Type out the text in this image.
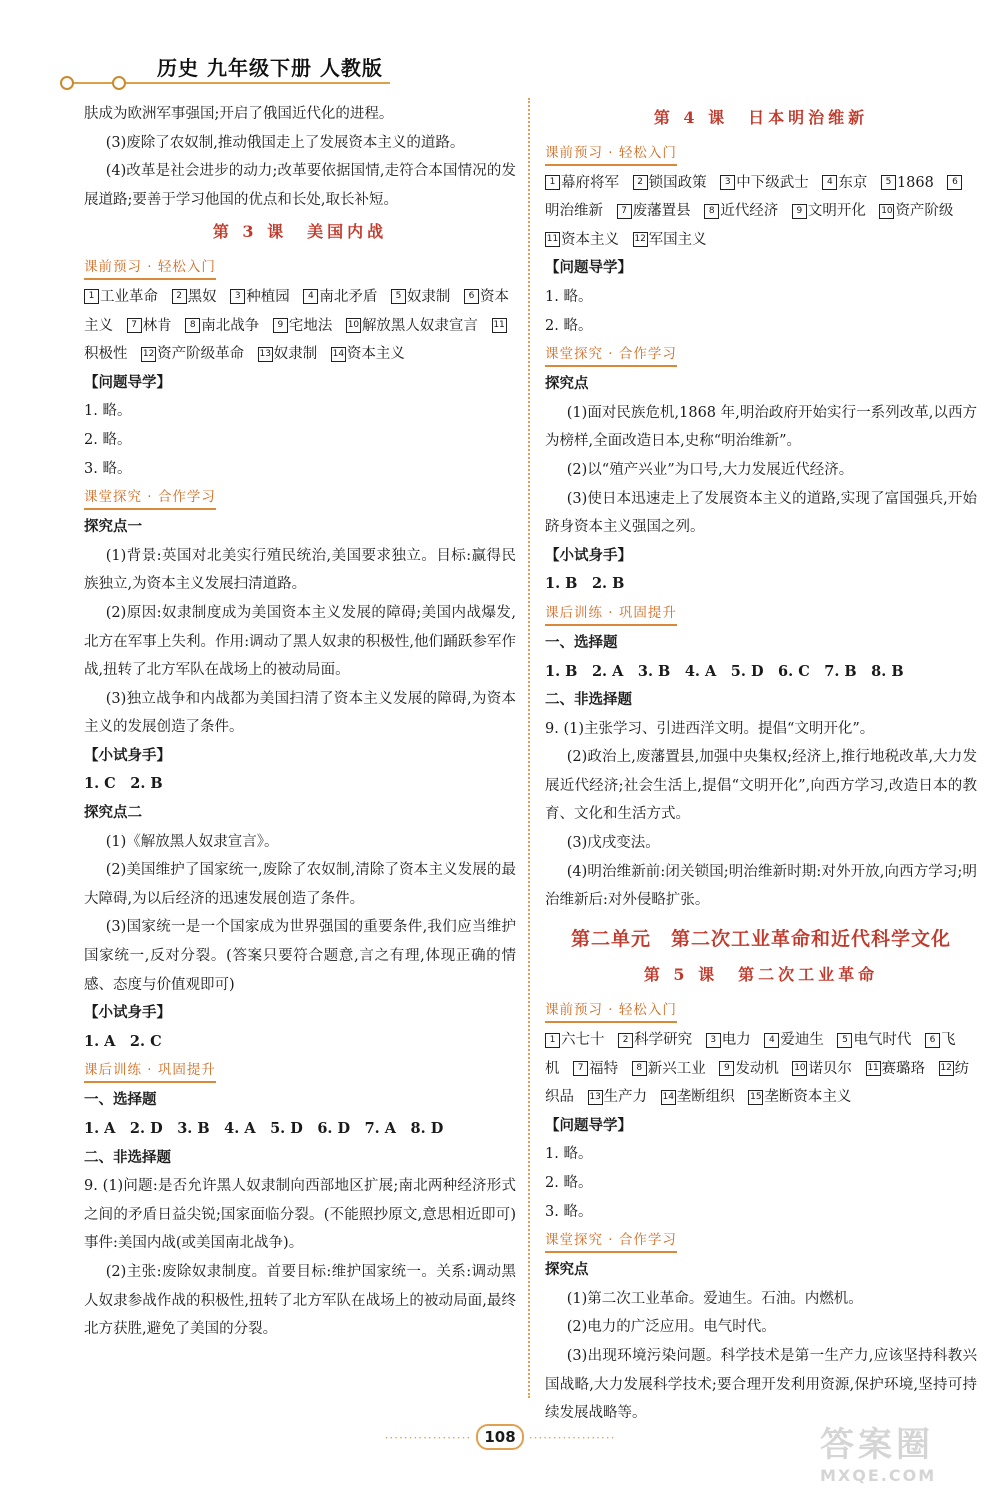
历史 九年级下册 人教版

肤成为欧洲军事强国;开启了俄国近代化的进程。

(3)废除了农奴制,推动俄国走上了发展资本主义的道路。

(4)改革是社会进步的动力;改革要依据国情,走符合本国情况的发展道路;要善于学习他国的优点和长处,取长补短。

第 3 课　美国内战
课前预习 · 轻松入门
1 工业革命 2 黑奴 3 种植园 4 南北矛盾 5 奴隶制 6 资本主义 7 林肯 8 南北战争 9 宅地法 10 解放黑人奴隶宣言 11积极性 12 资产阶级革命 13 奴隶制 14 资本主义
【问题导学】
1. 略。
2. 略。
3. 略。
课堂探究 · 合作学习
探究点一

(1)背景:英国对北美实行殖民统治,美国要求独立。目标:赢得民族独立,为资本主义发展扫清道路。

(2)原因:奴隶制度成为美国资本主义发展的障碍;美国内战爆发,北方在军事上失利。作用:调动了黑人奴隶的积极性,他们踊跃参军作战,扭转了北方军队在战场上的被动局面。

(3)独立战争和内战都为美国扫清了资本主义发展的障碍,为资本主义的发展创造了条件。

【小试身手】
1. C　2. B
探究点二

(1)《解放黑人奴隶宣言》。

(2)美国维护了国家统一,废除了农奴制,清除了资本主义发展的最大障碍,为以后经济的迅速发展创造了条件。

(3)国家统一是一个国家成为世界强国的重要条件,我们应当维护国家统一,反对分裂。(答案只要符合题意,言之有理,体现正确的情感、态度与价值观即可)

【小试身手】
1. A　2. C
课后训练 · 巩固提升
一、选择题
1. A　2. D　3. B　4. A　5. D　6. D　7. A　8. D
二、非选择题

9. (1)问题:是否允许黑人奴隶制向西部地区扩展;南北两种经济形式之间的矛盾日益尖锐;国家面临分裂。(不能照抄原文,意思相近即可)事件:美国内战(或美国南北战争)。

(2)主张:废除奴隶制度。首要目标:维护国家统一。关系:调动黑人奴隶参战作战的积极性,扭转了北方军队在战场上的被动局面,最终北方获胜,避免了美国的分裂。

第 4 课　日本明治维新
课前预习 · 轻松入门
1 幕府将军 2 锁国政策 3 中下级武士 4 东京 5 1868 6明治维新 7 废藩置县 8 近代经济 9 文明开化 10 资产阶级 11 资本主义 12 军国主义
【问题导学】
1. 略。
2. 略。
课堂探究 · 合作学习
探究点

(1)面对民族危机,1868 年,明治政府开始实行一系列改革,以西方为榜样,全面改造日本,史称“明治维新”。

(2)以“殖产兴业”为口号,大力发展近代经济。

(3)使日本迅速走上了发展资本主义的道路,实现了富国强兵,开始跻身资本主义强国之列。

【小试身手】
1. B　2. B
课后训练 · 巩固提升
一、选择题
1. B　2. A　3. B　4. A　5. D　6. C　7. B　8. B
二、非选择题

9. (1)主张学习、引进西洋文明。提倡“文明开化”。

(2)政治上,废藩置县,加强中央集权;经济上,推行地税改革,大力发展近代经济;社会生活上,提倡“文明开化”,向西方学习,改造日本的教育、文化和生活方式。

(3)戊戌变法。

(4)明治维新前:闭关锁国;明治维新时期:对外开放,向西方学习;明治维新后:对外侵略扩张。

第二单元　第二次工业革命和近代科学文化
第 5 课　第二次工业革命
课前预习 · 轻松入门
1 六七十 2 科学研究 3 电力 4 爱迪生 5 电气时代 6 飞机 7 福特 8 新兴工业 9 发动机 10 诺贝尔 11 赛璐珞 12 纺织品 13 生产力 14 垄断组织 15 垄断资本主义
【问题导学】
1. 略。
2. 略。
3. 略。
课堂探究 · 合作学习
探究点

(1)第二次工业革命。爱迪生。石油。内燃机。

(2)电力的广泛应用。电气时代。

(3)出现环境污染问题。科学技术是第一生产力,应该坚持科教兴国战略,大力发展科学技术;要合理开发利用资源,保护环境,坚持可持续发展战略等。

·················· 108 ··················	答案圈
MXQE.COM
